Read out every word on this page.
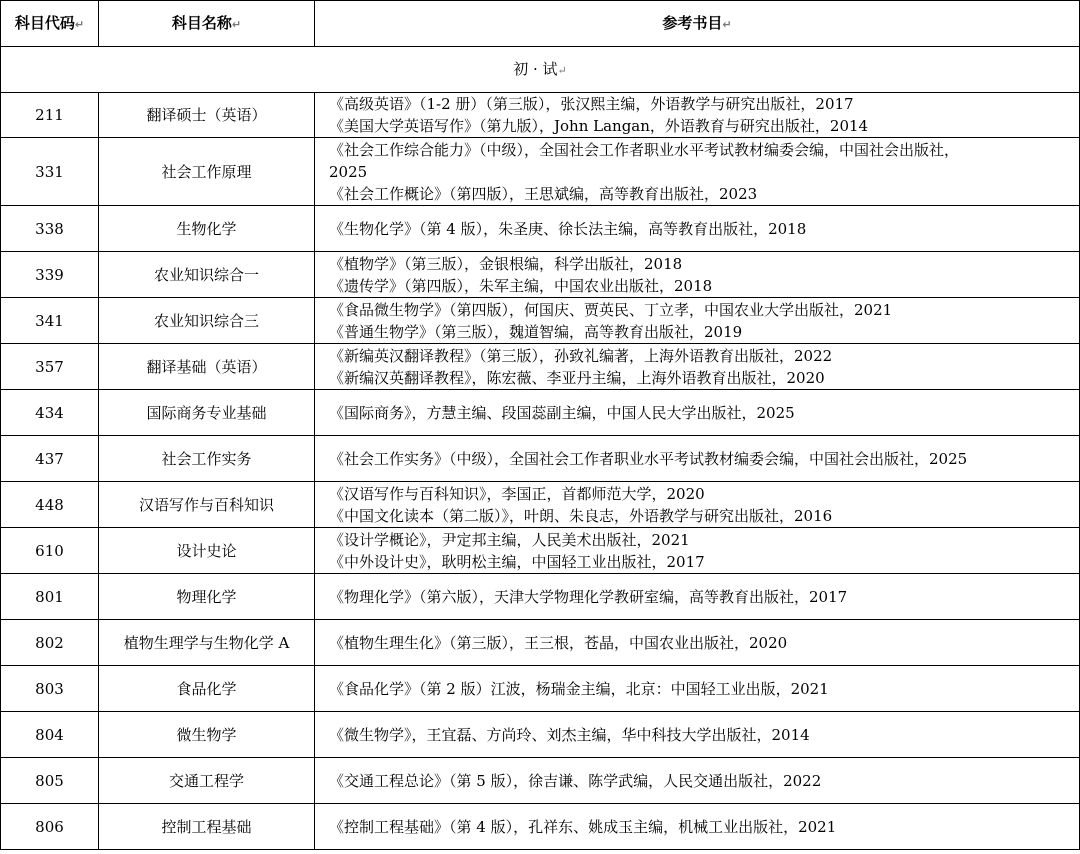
科目代码↵	科目名称↵	参考书目↵
初 · 试↵		
211	翻译硕士（英语）	《高级英语》（1-2 册）（第三版），张汉熙主编，外语教学与研究出版社，2017
《美国大学英语写作》（第九版），John Langan，外语教育与研究出版社，2014

331	社会工作原理	《社会工作综合能力》（中级），全国社会工作者职业水平考试教材编委会编，中国社会出版社，
2025
《社会工作概论》（第四版），王思斌编，高等教育出版社，2023

338	生物化学	《生物化学》（第 4 版），朱圣庚、徐长法主编，高等教育出版社，2018

339	农业知识综合一	《植物学》（第三版），金银根编，科学出版社，2018
《遗传学》（第四版），朱军主编，中国农业出版社，2018

341	农业知识综合三	《食品微生物学》（第四版），何国庆、贾英民、丁立孝，中国农业大学出版社，2021
《普通生物学》（第三版），魏道智编，高等教育出版社，2019

357	翻译基础（英语）	《新编英汉翻译教程》（第三版），孙致礼编著，上海外语教育出版社，2022
《新编汉英翻译教程》，陈宏薇、李亚丹主编，上海外语教育出版社，2020

434	国际商务专业基础	《国际商务》，方慧主编、段国蕊副主编，中国人民大学出版社，2025

437	社会工作实务	《社会工作实务》（中级），全国社会工作者职业水平考试教材编委会编，中国社会出版社，2025

448	汉语写作与百科知识	《汉语写作与百科知识》，李国正，首都师范大学，2020
《中国文化读本（第二版）》，叶朗、朱良志，外语教学与研究出版社，2016

610	设计史论	《设计学概论》，尹定邦主编，人民美术出版社，2021
《中外设计史》，耿明松主编，中国轻工业出版社，2017

801	物理化学	《物理化学》（第六版），天津大学物理化学教研室编，高等教育出版社，2017

802	植物生理学与生物化学 A	《植物生理生化》（第三版），王三根，苍晶，中国农业出版社，2020

803	食品化学	《食品化学》（第 2 版）江波，杨瑞金主编，北京：中国轻工业出版，2021

804	微生物学	《微生物学》，王宜磊、方尚玲、刘杰主编，华中科技大学出版社，2014

805	交通工程学	《交通工程总论》（第 5 版），徐吉谦、陈学武编，人民交通出版社，2022

806	控制工程基础	《控制工程基础》（第 4 版），孔祥东、姚成玉主编，机械工业出版社，2021
